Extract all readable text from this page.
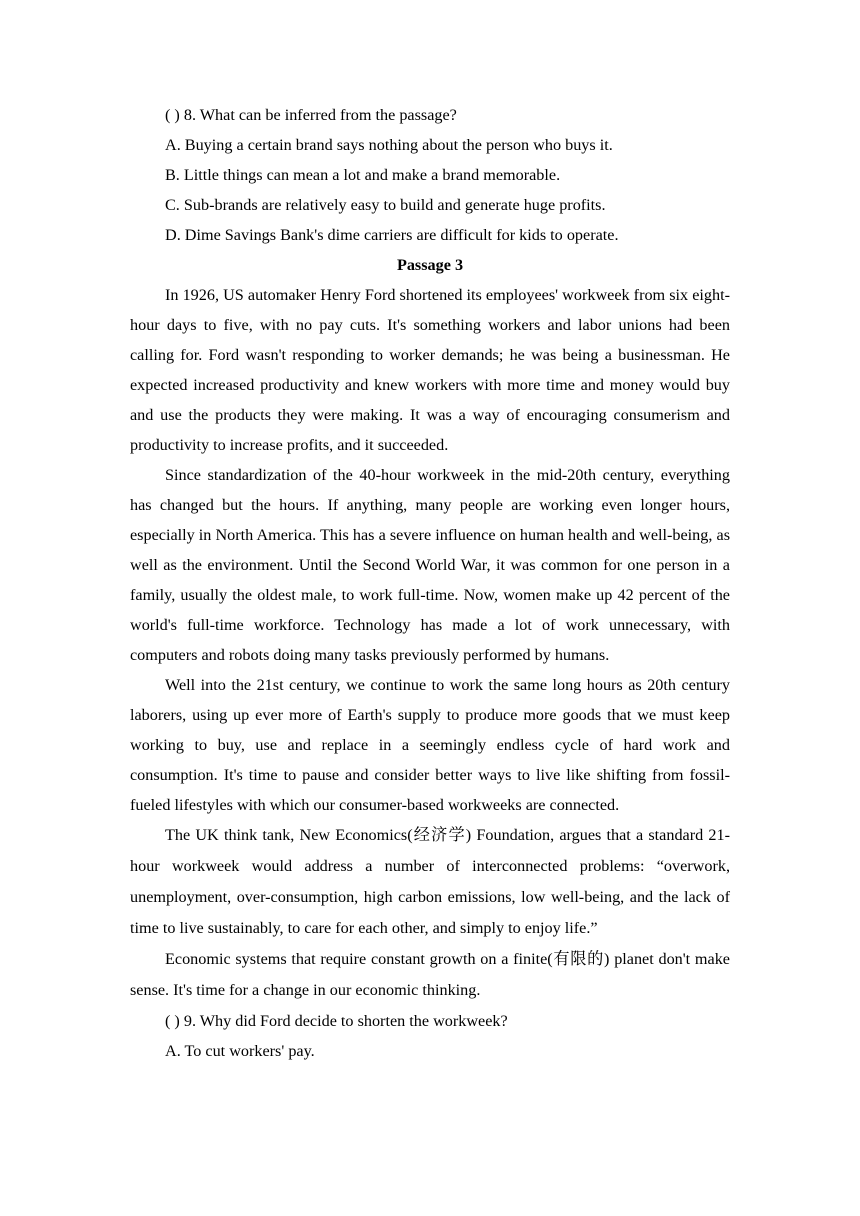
( ) 8. What can be inferred from the passage?

A. Buying a certain brand says nothing about the person who buys it.

B. Little things can mean a lot and make a brand memorable.

C. Sub-brands are relatively easy to build and generate huge profits.

D. Dime Savings Bank's dime carriers are difficult for kids to operate.

Passage 3

In 1926, US automaker Henry Ford shortened its employees' workweek from six eight-hour days to five, with no pay cuts. It's something workers and labor unions had been calling for. Ford wasn't responding to worker demands; he was being a businessman. He expected increased productivity and knew workers with more time and money would buy and use the products they were making. It was a way of encouraging consumerism and productivity to increase profits, and it succeeded.

Since standardization of the 40-hour workweek in the mid-20th century, everything has changed but the hours. If anything, many people are working even longer hours, especially in North America. This has a severe influence on human health and well-being, as well as the environment. Until the Second World War, it was common for one person in a family, usually the oldest male, to work full-time. Now, women make up 42 percent of the world's full-time workforce. Technology has made a lot of work unnecessary, with computers and robots doing many tasks previously performed by humans.

Well into the 21st century, we continue to work the same long hours as 20th century laborers, using up ever more of Earth's supply to produce more goods that we must keep working to buy, use and replace in a seemingly endless cycle of hard work and consumption. It's time to pause and consider better ways to live like shifting from fossil-fueled lifestyles with which our consumer-based workweeks are connected.

The UK think tank, New Economics(经济学) Foundation, argues that a standard 21-hour workweek would address a number of interconnected problems: “overwork, unemployment, over-consumption, high carbon emissions, low well-being, and the lack of time to live sustainably, to care for each other, and simply to enjoy life.”

Economic systems that require constant growth on a finite(有限的) planet don't make sense. It's time for a change in our economic thinking.

( ) 9. Why did Ford decide to shorten the workweek?

A. To cut workers' pay.
